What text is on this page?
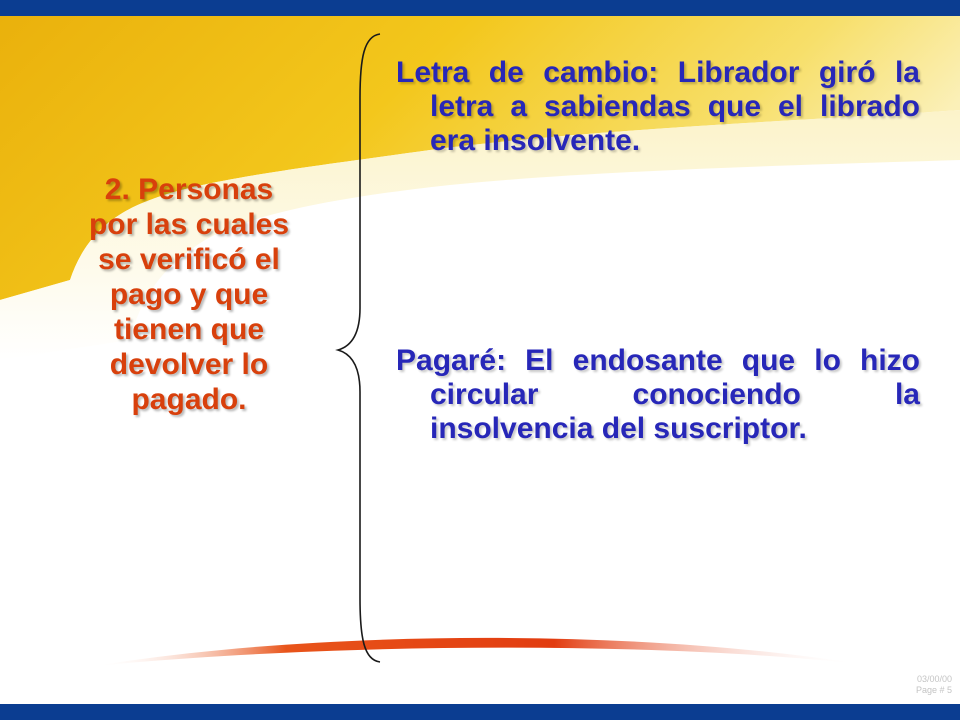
2. Personas por las cuales se verificó el pago y que tienen que devolver lo pagado.
Letra de cambio: Librador giró la letra a sabiendas que el librado era insolvente.
Pagaré: El endosante que lo hizo circular conociendo la insolvencia del suscriptor.
03/00/00
Page # 5
